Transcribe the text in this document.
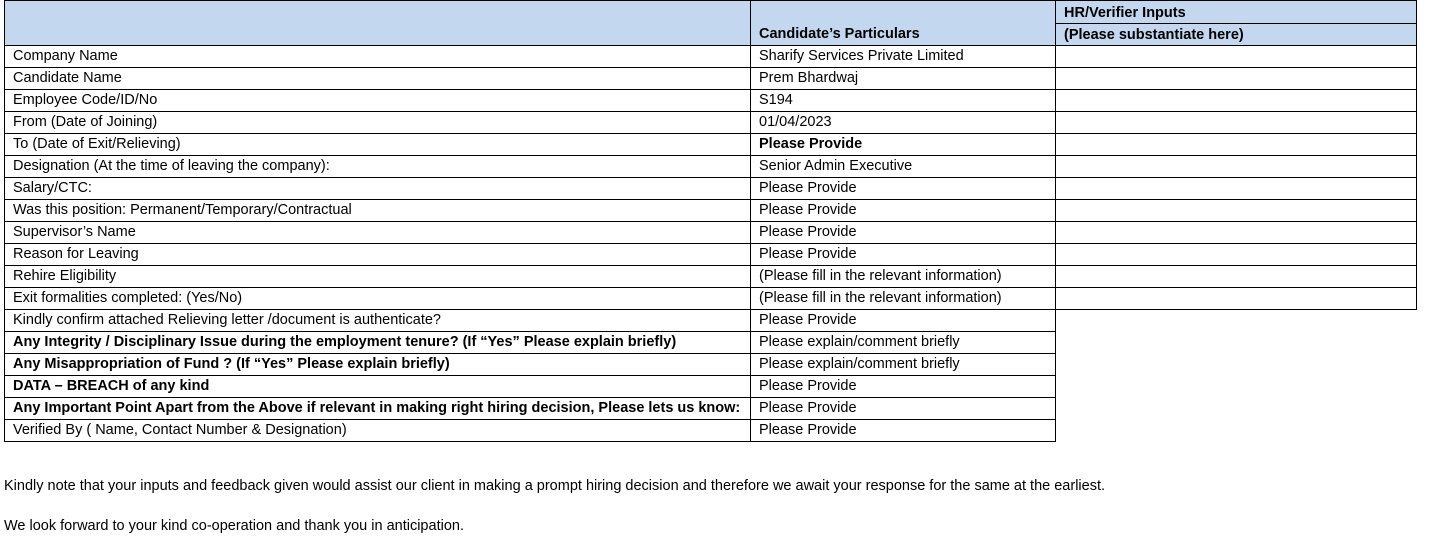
	Candidate’s Particulars	HR/Verifier Inputs
(Please substantiate here)

Company Name	Sharify Services Private Limited	
Candidate Name	Prem Bhardwaj	
Employee Code/ID/No	S194	
From (Date of Joining)	01/04/2023	
To (Date of Exit/Relieving)	Please Provide	
Designation (At the time of leaving the company):	Senior Admin Executive	
Salary/CTC:	Please Provide	
Was this position: Permanent/Temporary/Contractual	Please Provide	
Supervisor’s Name	Please Provide	
Reason for Leaving	Please Provide	
Rehire Eligibility	(Please fill in the relevant information)	
Exit formalities completed: (Yes/No)	(Please fill in the relevant information)	
Kindly confirm attached Relieving letter /document is authenticate?	Please Provide	
Any Integrity / Disciplinary Issue during the employment tenure? (If “Yes” Please explain briefly)	Please explain/comment briefly	
Any Misappropriation of Fund ? (If “Yes” Please explain briefly)	Please explain/comment briefly	
DATA – BREACH of any kind	Please Provide	
Any Important Point Apart from the Above if relevant in making right hiring decision, Please lets us know:	Please Provide	
Verified By ( Name, Contact Number & Designation)	Please Provide	

Kindly note that your inputs and feedback given would assist our client in making a prompt hiring decision and therefore we await your response for the same at the earliest.

We look forward to your kind co-operation and thank you in anticipation.
